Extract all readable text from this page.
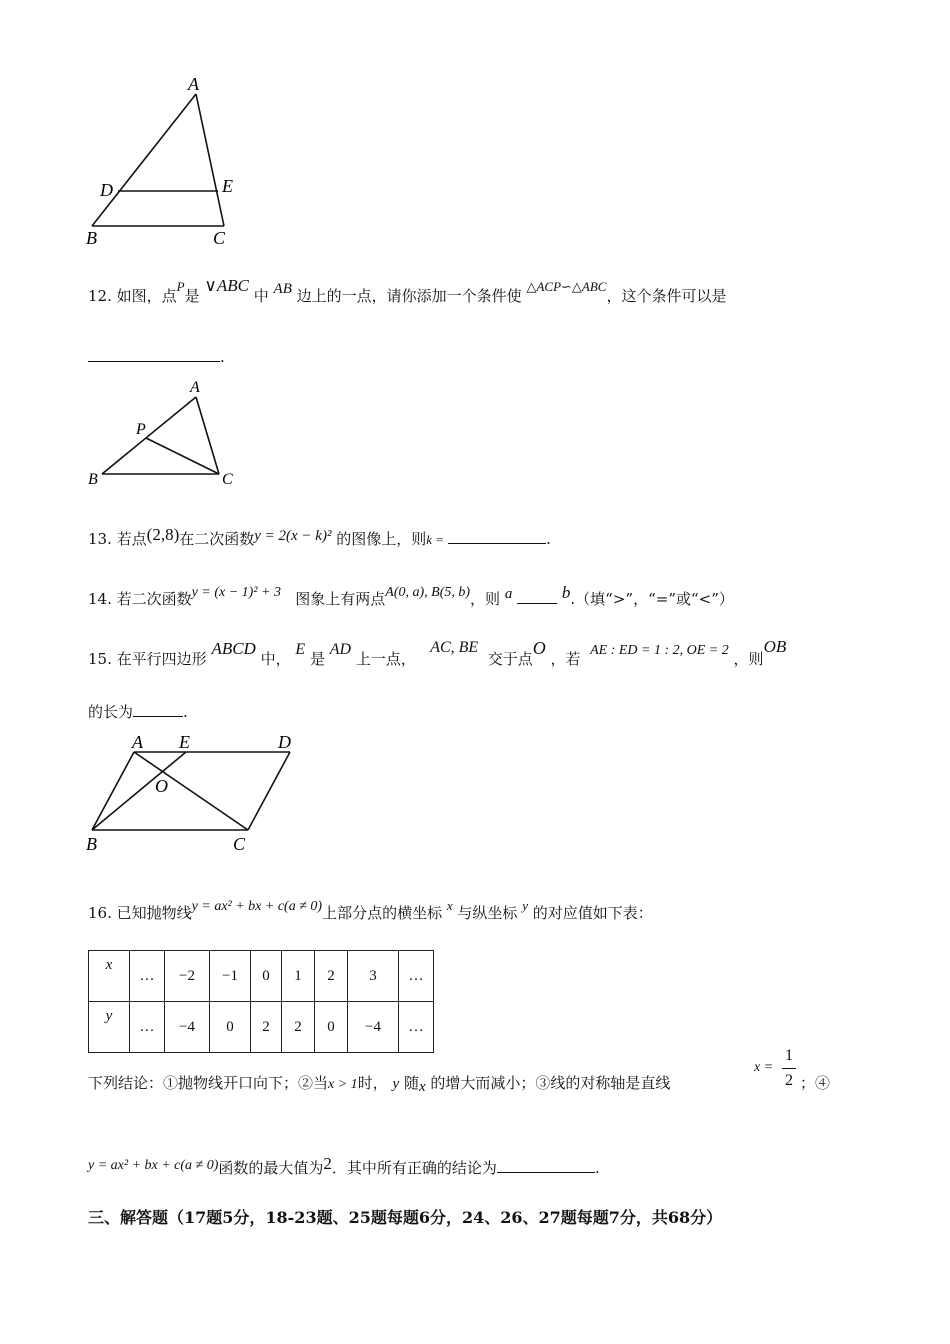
A
D	E
B	C
12. 如图，点P是 ∨ABC 中 AB 边上的一点，请你添加一个条件使 △ACP∽△ABC，这个条件可以是
.
A
P
B	C
13. 若点(2,8)在二次函数y = 2(x − k)² 的图像上，则k =	.
14. 若二次函数y = (x − 1)² + 3 图象上有两点A(0, a), B(5, b)，则 a	b.（填“>”，“=”或“<”）
15. 在平行四边形 ABCD 中， E 是 AD 上一点，   AC, BE  交于点O ，若 AE : ED = 1 : 2, OE = 2 ，则OB
的长为	.
A E	D
O
B	C
16. 已知抛物线y = ax² + bx + c(a ≠ 0)上部分点的横坐标 x 与纵坐标 y 的对应值如下表：
x	…	−2	−1	0	1	2	3	…
y	…	−4	0	2	2	0	−4	…
下列结论：①抛物线开口向下；②当x > 1时， y 随x 的增大而减小；③线的对称轴是直线
x =
1
2 ；④
y = ax² + bx + c(a ≠ 0)函数的最大值为2．其中所有正确的结论为	.
三、解答题（17题5分，18-23题、25题每题6分，24、26、27题每题7分，共68分）
